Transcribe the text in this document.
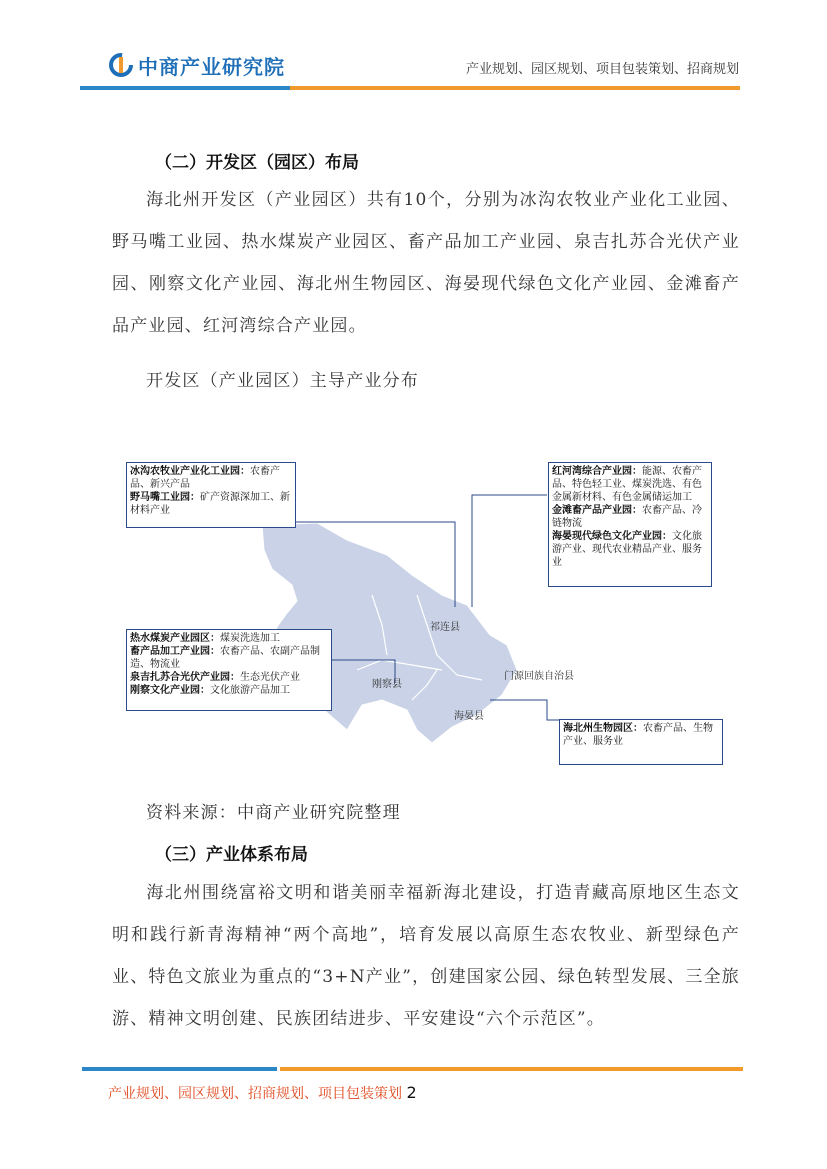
中商产业研究院	产业规划、园区规划、项目包装策划、招商规划
（二）开发区（园区）布局
海北州开发区（产业园区）共有10个，分别为冰沟农牧业产业化工业园、野马嘴工业园、热水煤炭产业园区、畜产品加工产业园、泉吉扎苏合光伏产业园、刚察文化产业园、海北州生物园区、海晏现代绿色文化产业园、金滩畜产品产业园、红河湾综合产业园。
开发区（产业园区）主导产业分布
冰沟农牧业产业化工业园：农畜产品、新兴产品
野马嘴工业园：矿产资源深加工、新材料产业
红河湾综合产业园：能源、农畜产品、特色轻工业、煤炭洗选、有色金属新材料、有色金属储运加工
金滩畜产品产业园：农畜产品、冷链物流
海晏现代绿色文化产业园：文化旅游产业、现代农业精品产业、服务业
热水煤炭产业园区：煤炭洗选加工
畜产品加工产业园：农畜产品、农副产品制造、物流业
泉吉扎苏合光伏产业园：生态光伏产业
刚察文化产业园：文化旅游产品加工
海北州生物园区：农畜产品、生物产业、服务业
祁连县
刚察县
门源回族自治县
海晏县
资料来源：中商产业研究院整理
（三）产业体系布局
海北州围绕富裕文明和谐美丽幸福新海北建设，打造青藏高原地区生态文明和践行新青海精神“两个高地”，培育发展以高原生态农牧业、新型绿色产业、特色文旅业为重点的“3+N产业”，创建国家公园、绿色转型发展、三全旅游、精神文明创建、民族团结进步、平安建设“六个示范区”。
产业规划、园区规划、招商规划、项目包装策划 2
